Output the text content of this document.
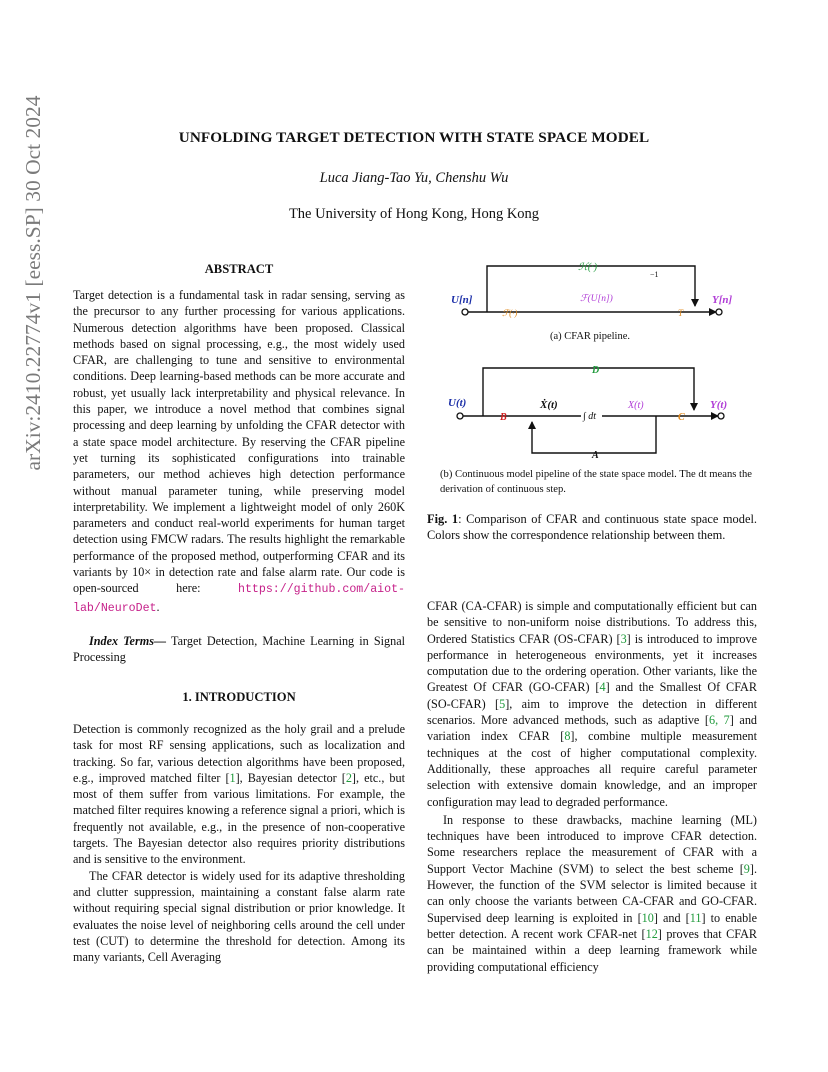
arXiv:2410.22774v1 [eess.SP] 30 Oct 2024	UNFOLDING TARGET DETECTION WITH STATE SPACE MODEL
Luca Jiang-Tao Yu, Chenshu Wu
The University of Hong Kong, Hong Kong
ABSTRACT

Target detection is a fundamental task in radar sensing, serving as the precursor to any further processing for various applications. Numerous detection algorithms have been proposed. Classical methods based on signal processing, e.g., the most widely used CFAR, are challenging to tune and sensitive to environmental conditions. Deep learning-based methods can be more accurate and robust, yet usually lack interpretability and physical relevance. In this paper, we introduce a novel method that combines signal processing and deep learning by unfolding the CFAR detector with a state space model architecture. By reserving the CFAR pipeline yet turning its sophisticated configurations into trainable parameters, our method achieves high detection performance without manual parameter tuning, while preserving model interpretability. We implement a lightweight model of only 260K parameters and conduct real-world experiments for human target detection using FMCW radars. The results highlight the remarkable performance of the proposed method, outperforming CFAR and its variants by 10× in detection rate and false alarm rate. Our code is open-sourced here: https://github.com/aiot-lab/NeuroDet.

Index Terms— Target Detection, Machine Learning in Signal Processing

1. INTRODUCTION

Detection is commonly recognized as the holy grail and a prelude task for most RF sensing applications, such as localization and tracking. So far, various detection algorithms have been proposed, e.g., improved matched filter [1], Bayesian detector [2], etc., but most of them suffer from various limitations. For example, the matched filter requires knowing a reference signal a priori, which is frequently not available, e.g., in the presence of non-cooperative targets. The Bayesian detector also requires priority distributions and is sensitive to the environment.

The CFAR detector is widely used for its adaptive thresholding and clutter suppression, maintaining a constant false alarm rate without requiring special signal distribution or prior knowledge. It evaluates the noise level of neighboring cells around the cell under test (CUT) to determine the threshold for detection. Among its many variants, Cell Averaging

U[n]	Y[n]
ℋ(·)
−1
ℱ(·)
ℱ(U[n])
T
(a) CFAR pipeline.
U(t)	Y(t)
D
B
Ẋ(t)
∫ dt
X(t)
C
A
(b) Continuous model pipeline of the state space model. The dt means the derivation of continuous step.
Fig. 1: Comparison of CFAR and continuous state space model. Colors show the correspondence relationship between them.

CFAR (CA-CFAR) is simple and computationally efficient but can be sensitive to non-uniform noise distributions. To address this, Ordered Statistics CFAR (OS-CFAR) [3] is introduced to improve performance in heterogeneous environments, yet it increases computation due to the ordering operation. Other variants, like the Greatest Of CFAR (GO-CFAR) [4] and the Smallest Of CFAR (SO-CFAR) [5], aim to improve the detection in different scenarios. More advanced methods, such as adaptive [6, 7] and variation index CFAR [8], combine multiple measurement techniques at the cost of higher computational complexity. Additionally, these approaches all require careful parameter selection with extensive domain knowledge, and an improper configuration may lead to degraded performance.

In response to these drawbacks, machine learning (ML) techniques have been introduced to improve CFAR detection. Some researchers replace the measurement of CFAR with a Support Vector Machine (SVM) to select the best scheme [9]. However, the function of the SVM selector is limited because it can only choose the variants between CA-CFAR and GO-CFAR. Supervised deep learning is exploited in [10] and [11] to enable better detection. A recent work CFAR-net [12] proves that CFAR can be maintained within a deep learning framework while providing computational efficiency
